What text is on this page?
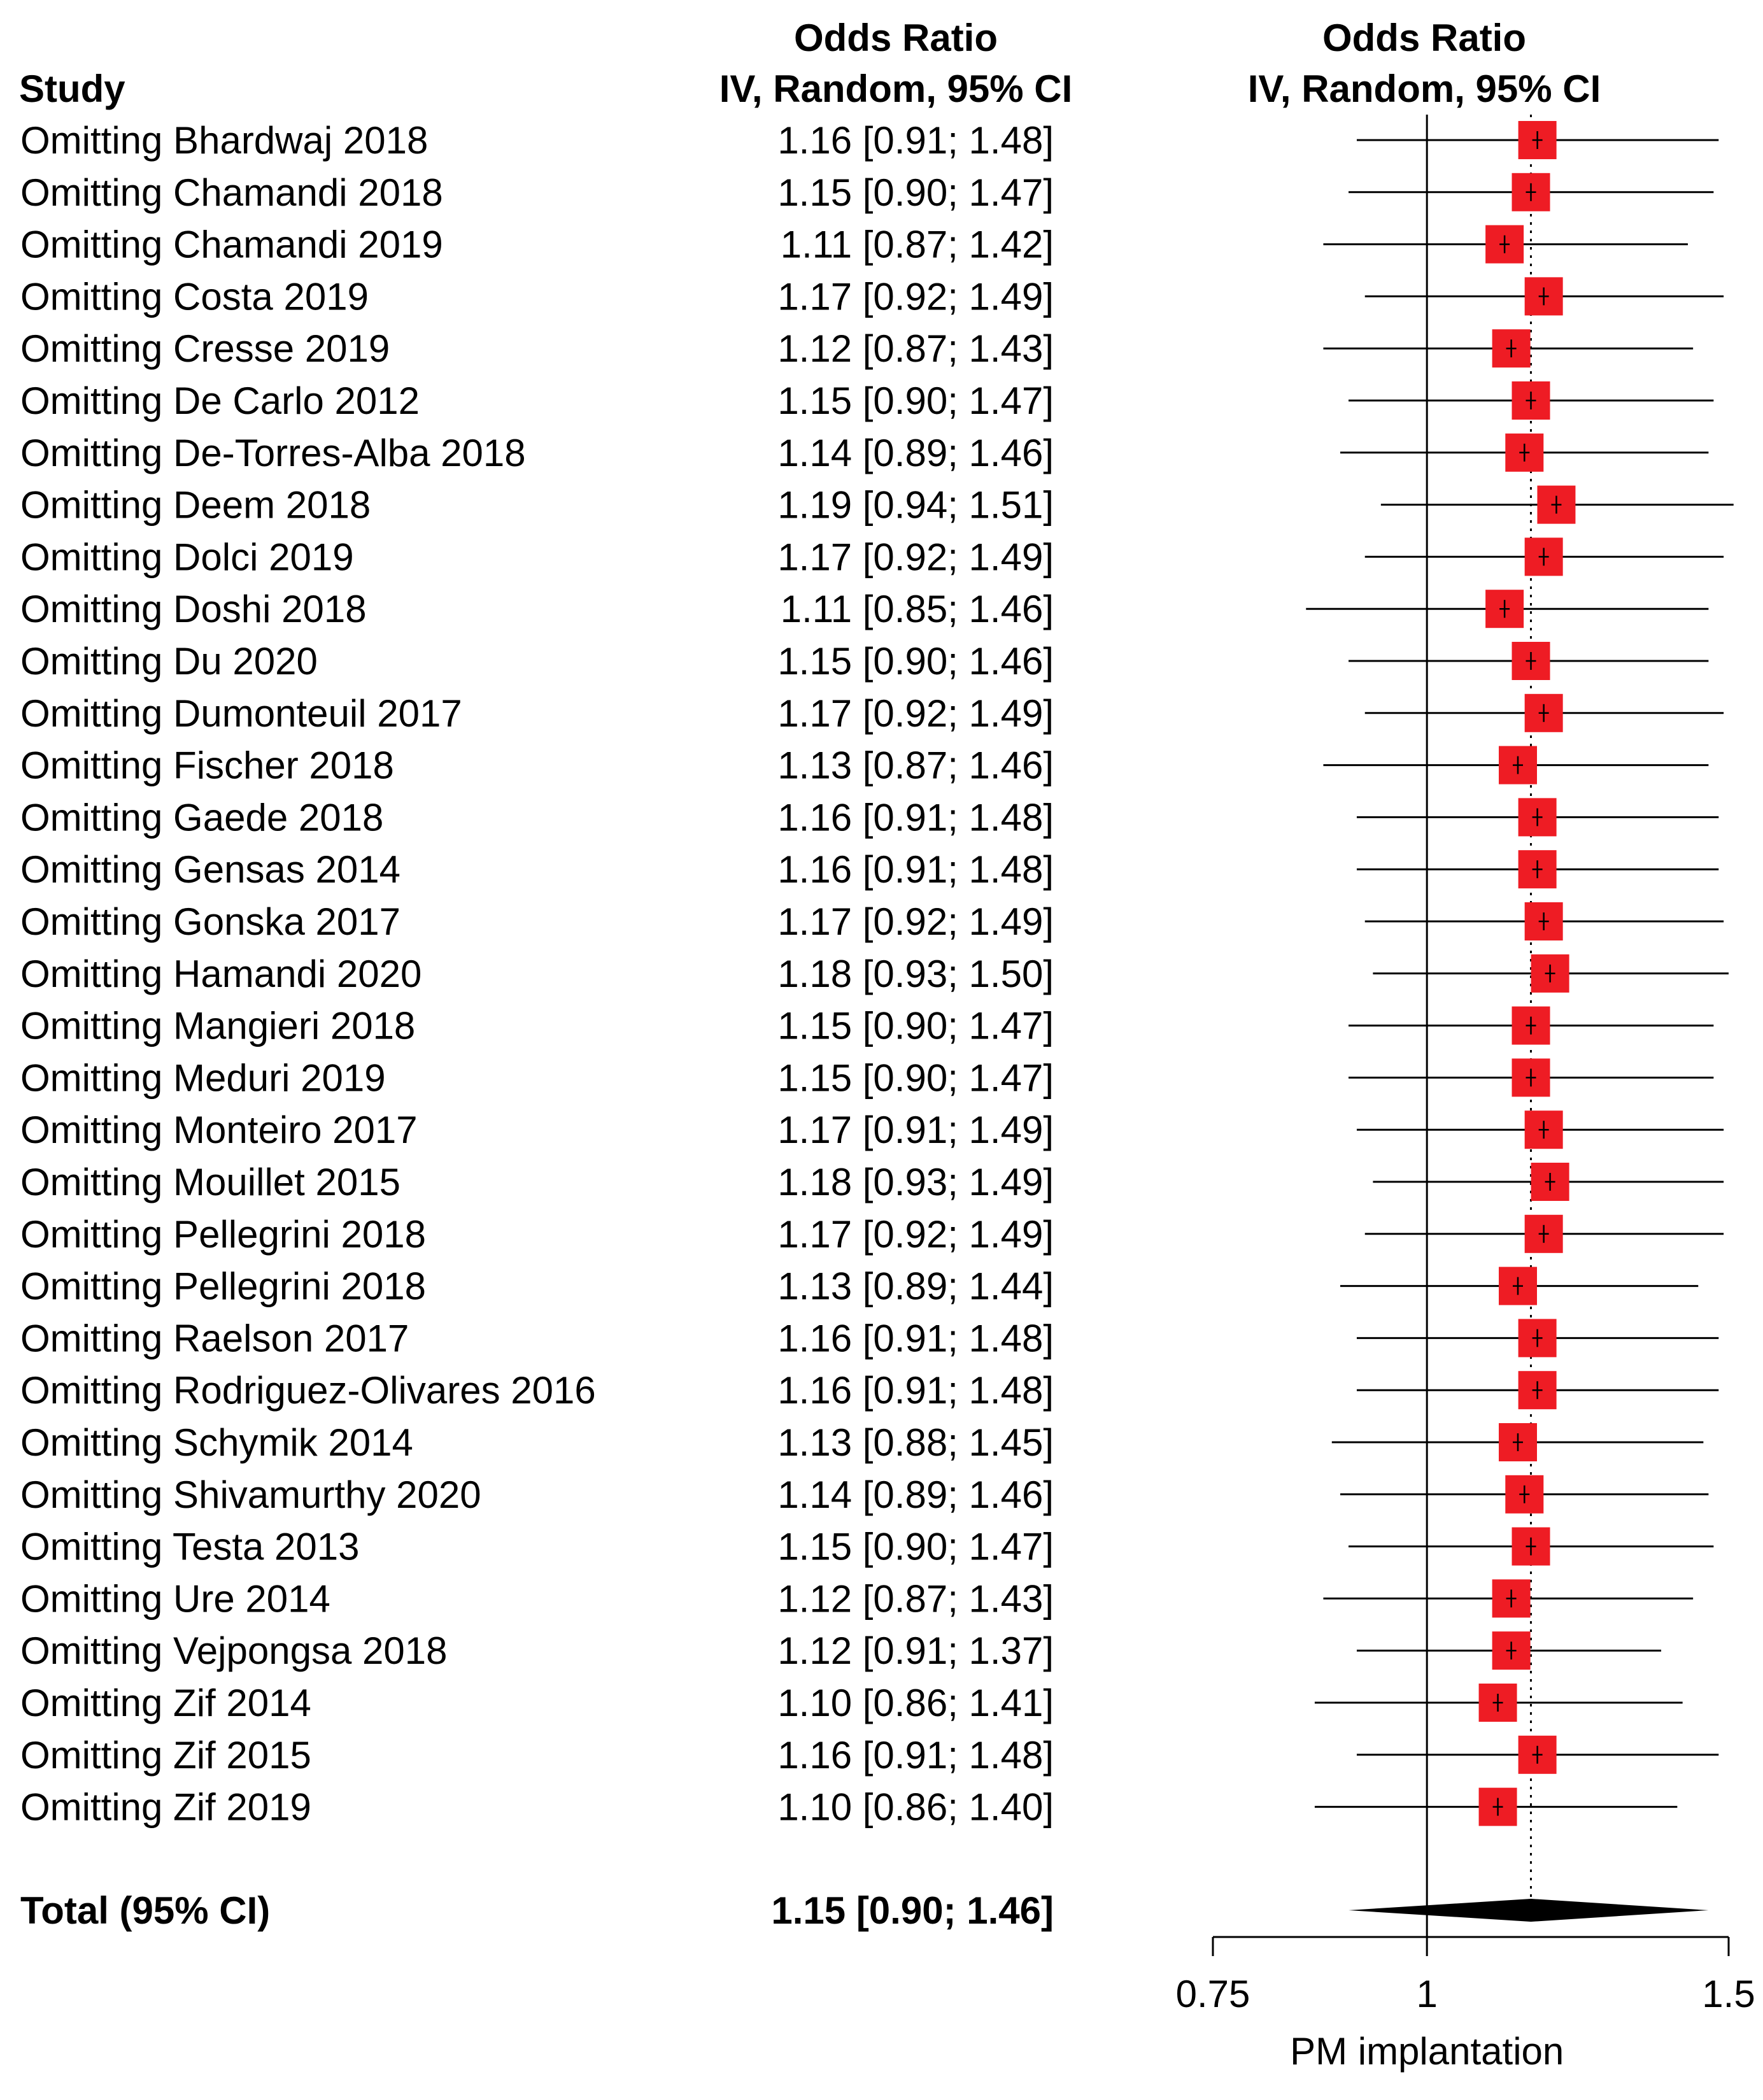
Study
Odds Ratio
IV, Random, 95% CI
Odds Ratio
IV, Random, 95% CI
Omitting Bhardwaj 2018	1.16 [0.91; 1.48]
Omitting Chamandi 2018	1.15 [0.90; 1.47]
Omitting Chamandi 2019	1.11 [0.87; 1.42]
Omitting Costa 2019	1.17 [0.92; 1.49]
Omitting Cresse 2019	1.12 [0.87; 1.43]
Omitting De Carlo 2012	1.15 [0.90; 1.47]
Omitting De-Torres-Alba 2018	1.14 [0.89; 1.46]
Omitting Deem 2018	1.19 [0.94; 1.51]
Omitting Dolci 2019	1.17 [0.92; 1.49]
Omitting Doshi 2018	1.11 [0.85; 1.46]
Omitting Du 2020	1.15 [0.90; 1.46]
Omitting Dumonteuil 2017	1.17 [0.92; 1.49]
Omitting Fischer 2018	1.13 [0.87; 1.46]
Omitting Gaede 2018	1.16 [0.91; 1.48]
Omitting Gensas 2014	1.16 [0.91; 1.48]
Omitting Gonska 2017	1.17 [0.92; 1.49]
Omitting Hamandi 2020	1.18 [0.93; 1.50]
Omitting Mangieri 2018	1.15 [0.90; 1.47]
Omitting Meduri 2019	1.15 [0.90; 1.47]
Omitting Monteiro 2017	1.17 [0.91; 1.49]
Omitting Mouillet 2015	1.18 [0.93; 1.49]
Omitting Pellegrini 2018	1.17 [0.92; 1.49]
Omitting Pellegrini 2018	1.13 [0.89; 1.44]
Omitting Raelson 2017	1.16 [0.91; 1.48]
Omitting Rodriguez-Olivares 2016	1.16 [0.91; 1.48]
Omitting Schymik 2014	1.13 [0.88; 1.45]
Omitting Shivamurthy 2020	1.14 [0.89; 1.46]
Omitting Testa 2013	1.15 [0.90; 1.47]
Omitting Ure 2014	1.12 [0.87; 1.43]
Omitting Vejpongsa 2018	1.12 [0.91; 1.37]
Omitting Zif 2014	1.10 [0.86; 1.41]
Omitting Zif 2015	1.16 [0.91; 1.48]
Omitting Zif 2019	1.10 [0.86; 1.40]
Total (95% CI)	1.15 [0.90; 1.46]
0.75	1	1.5
PM implantation
